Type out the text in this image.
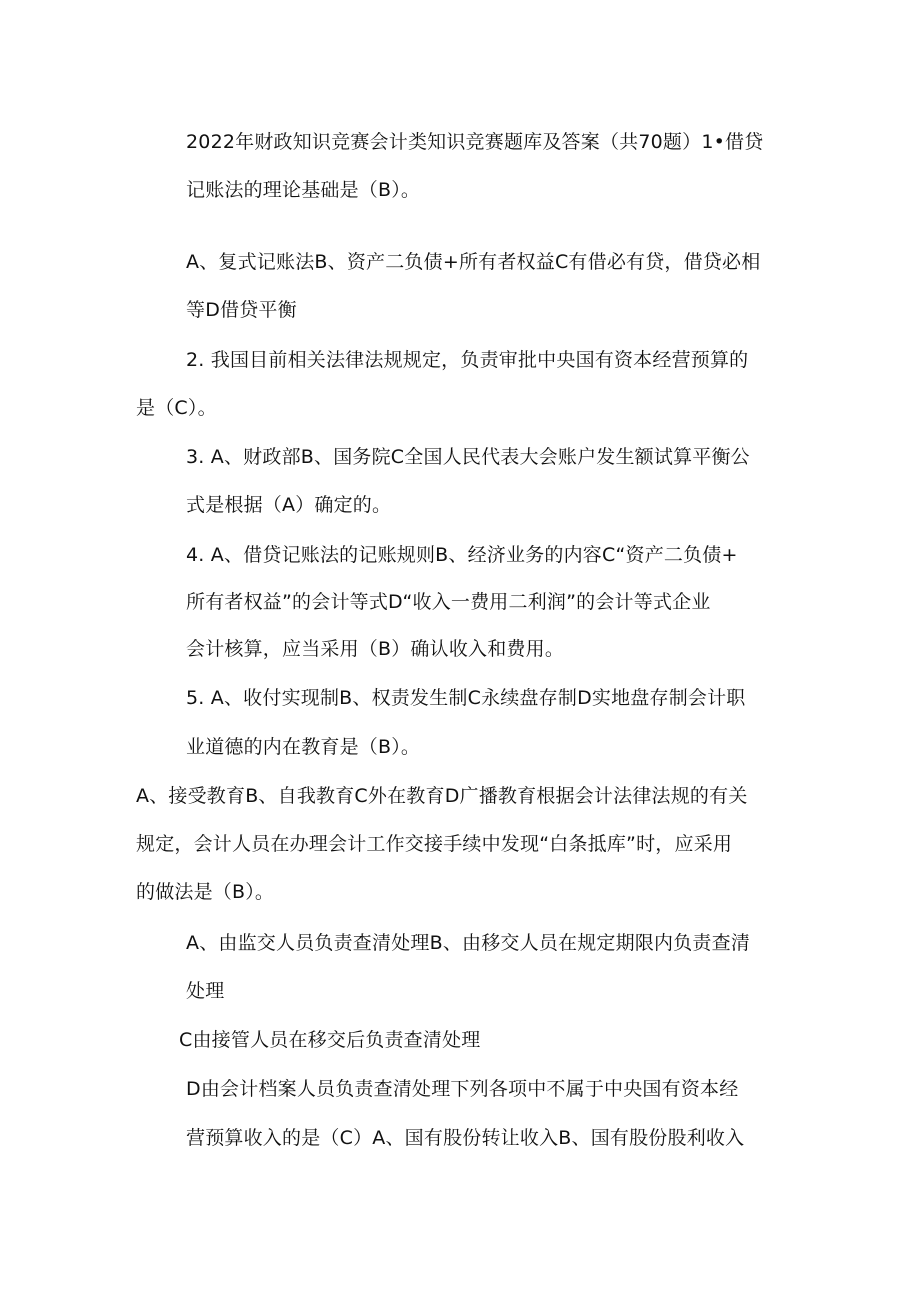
2022年财政知识竞赛会计类知识竞赛题库及答案（共70题）1•借贷
记账法的理论基础是（B）。
A、复式记账法B、资产二负债+所有者权益C有借必有贷，借贷必相
等D借贷平衡
2. 我国目前相关法律法规规定，负责审批中央国有资本经营预算的
是（C）。
3. A、财政部B、国务院C全国人民代表大会账户发生额试算平衡公
式是根据（A）确定的。
4. A、借贷记账法的记账规则B、经济业务的内容C“资产二负债+
所有者权益”的会计等式D“收入一费用二利润”的会计等式企业
会计核算，应当采用（B）确认收入和费用。
5. A、收付实现制B、权责发生制C永续盘存制D实地盘存制会计职
业道德的内在教育是（B）。
A、接受教育B、自我教育C外在教育D广播教育根据会计法律法规的有关
规定，会计人员在办理会计工作交接手续中发现“白条抵库”时，应采用
的做法是（B）。
A、由监交人员负责查清处理B、由移交人员在规定期限内负责查清
处理
C由接管人员在移交后负责查清处理
D由会计档案人员负责查清处理下列各项中不属于中央国有资本经
营预算收入的是（C）A、国有股份转让收入B、国有股份股利收入
